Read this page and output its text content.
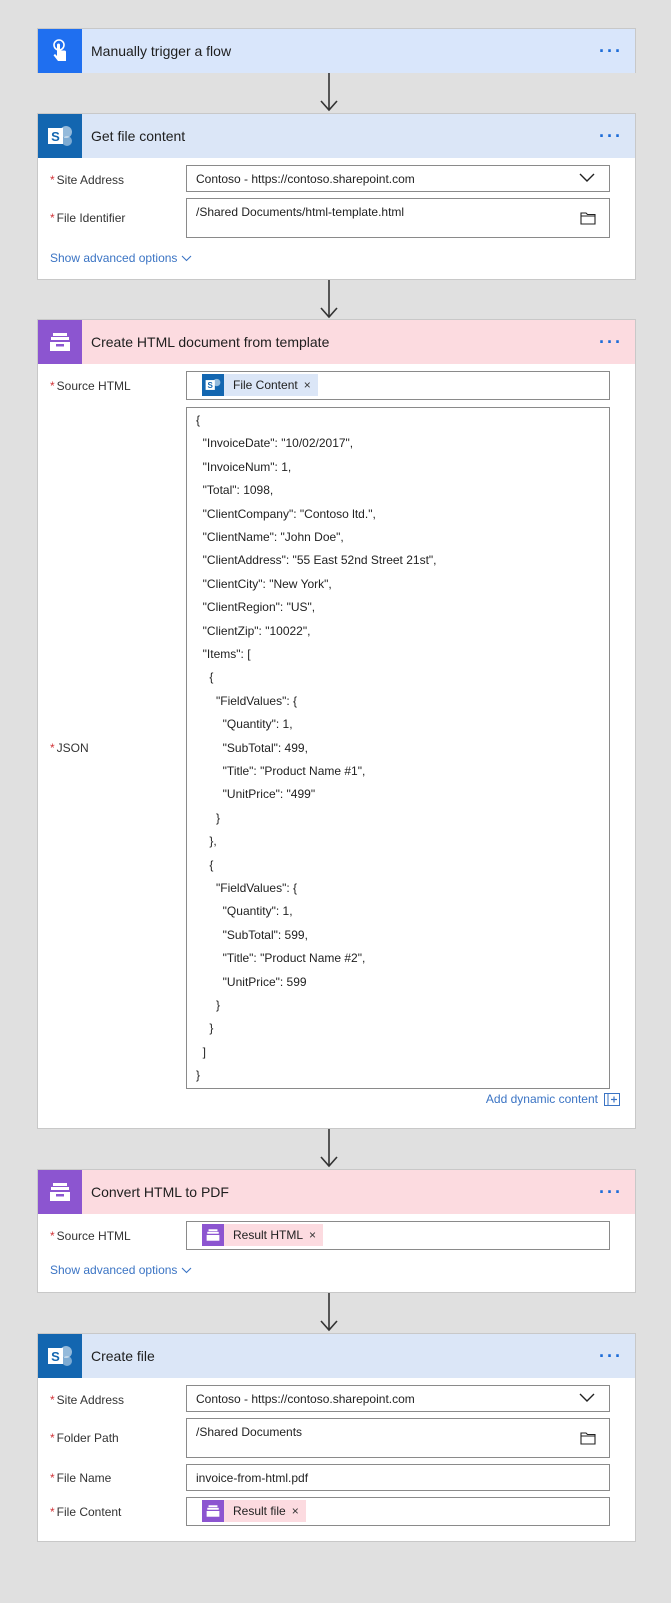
Manually trigger a flow	···
S Get file content	···
* Site Address	Contoso - https://contoso.sharepoint.com
* File Identifier	/Shared Documents/html-template.html
Show advanced options
Create HTML document from template	···
* Source HTML	S	File Content ×
* JSON
{
"InvoiceDate": "10/02/2017",
"InvoiceNum": 1,
"Total": 1098,
"ClientCompany": "Contoso ltd.",
"ClientName": "John Doe",
"ClientAddress": "55 East 52nd Street 21st",
"ClientCity": "New York",
"ClientRegion": "US",
"ClientZip": "10022",
"Items": [
{
"FieldValues": {
"Quantity": 1,
"SubTotal": 499,
"Title": "Product Name #1",
"UnitPrice": "499"
}
},
{
"FieldValues": {
"Quantity": 1,
"SubTotal": 599,
"Title": "Product Name #2",
"UnitPrice": 599
}
}
]
}
Add dynamic content
Convert HTML to PDF	···
* Source HTML	Result HTML ×
Show advanced options
S Create file	···
* Site Address	Contoso - https://contoso.sharepoint.com
* Folder Path	/Shared Documents
* File Name	invoice-from-html.pdf
* File Content	Result file ×
